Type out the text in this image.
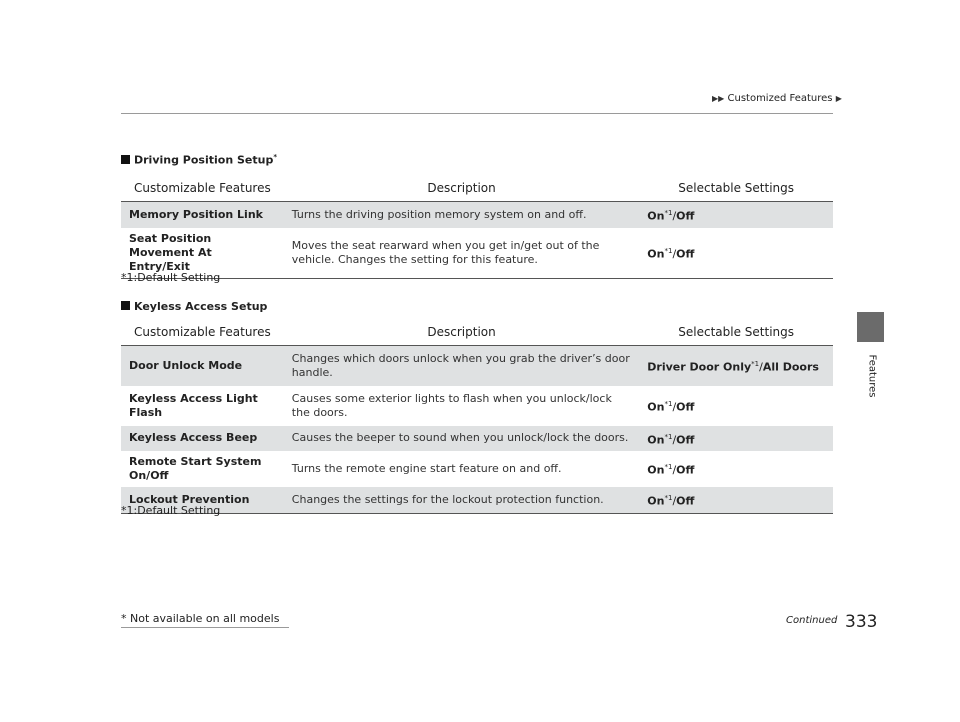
▶▶ Customized Features ▶
Features
Driving Position Setup*
Customizable Features	Description	Selectable Settings
Memory Position Link	Turns the driving position memory system on and off.	On$^{*1}$/Off
Seat Position Movement At Entry/Exit	Moves the seat rearward when you get in/get out of the vehicle. Changes the setting for this feature.	On$^{*1}$/Off
*1:Default Setting
Keyless Access Setup
Customizable Features	Description	Selectable Settings
Door Unlock Mode	Changes which doors unlock when you grab the driver’s door handle.	Driver Door Only$^{*1}$/All Doors
Keyless Access Light Flash	Causes some exterior lights to flash when you unlock/lock the doors.	On$^{*1}$/Off
Keyless Access Beep	Causes the beeper to sound when you unlock/lock the doors.	On$^{*1}$/Off
Remote Start System On/Off	Turns the remote engine start feature on and off.	On$^{*1}$/Off
Lockout Prevention	Changes the settings for the lockout protection function.	On$^{*1}$/Off
*1:Default Setting
* Not available on all models	Continued 333
